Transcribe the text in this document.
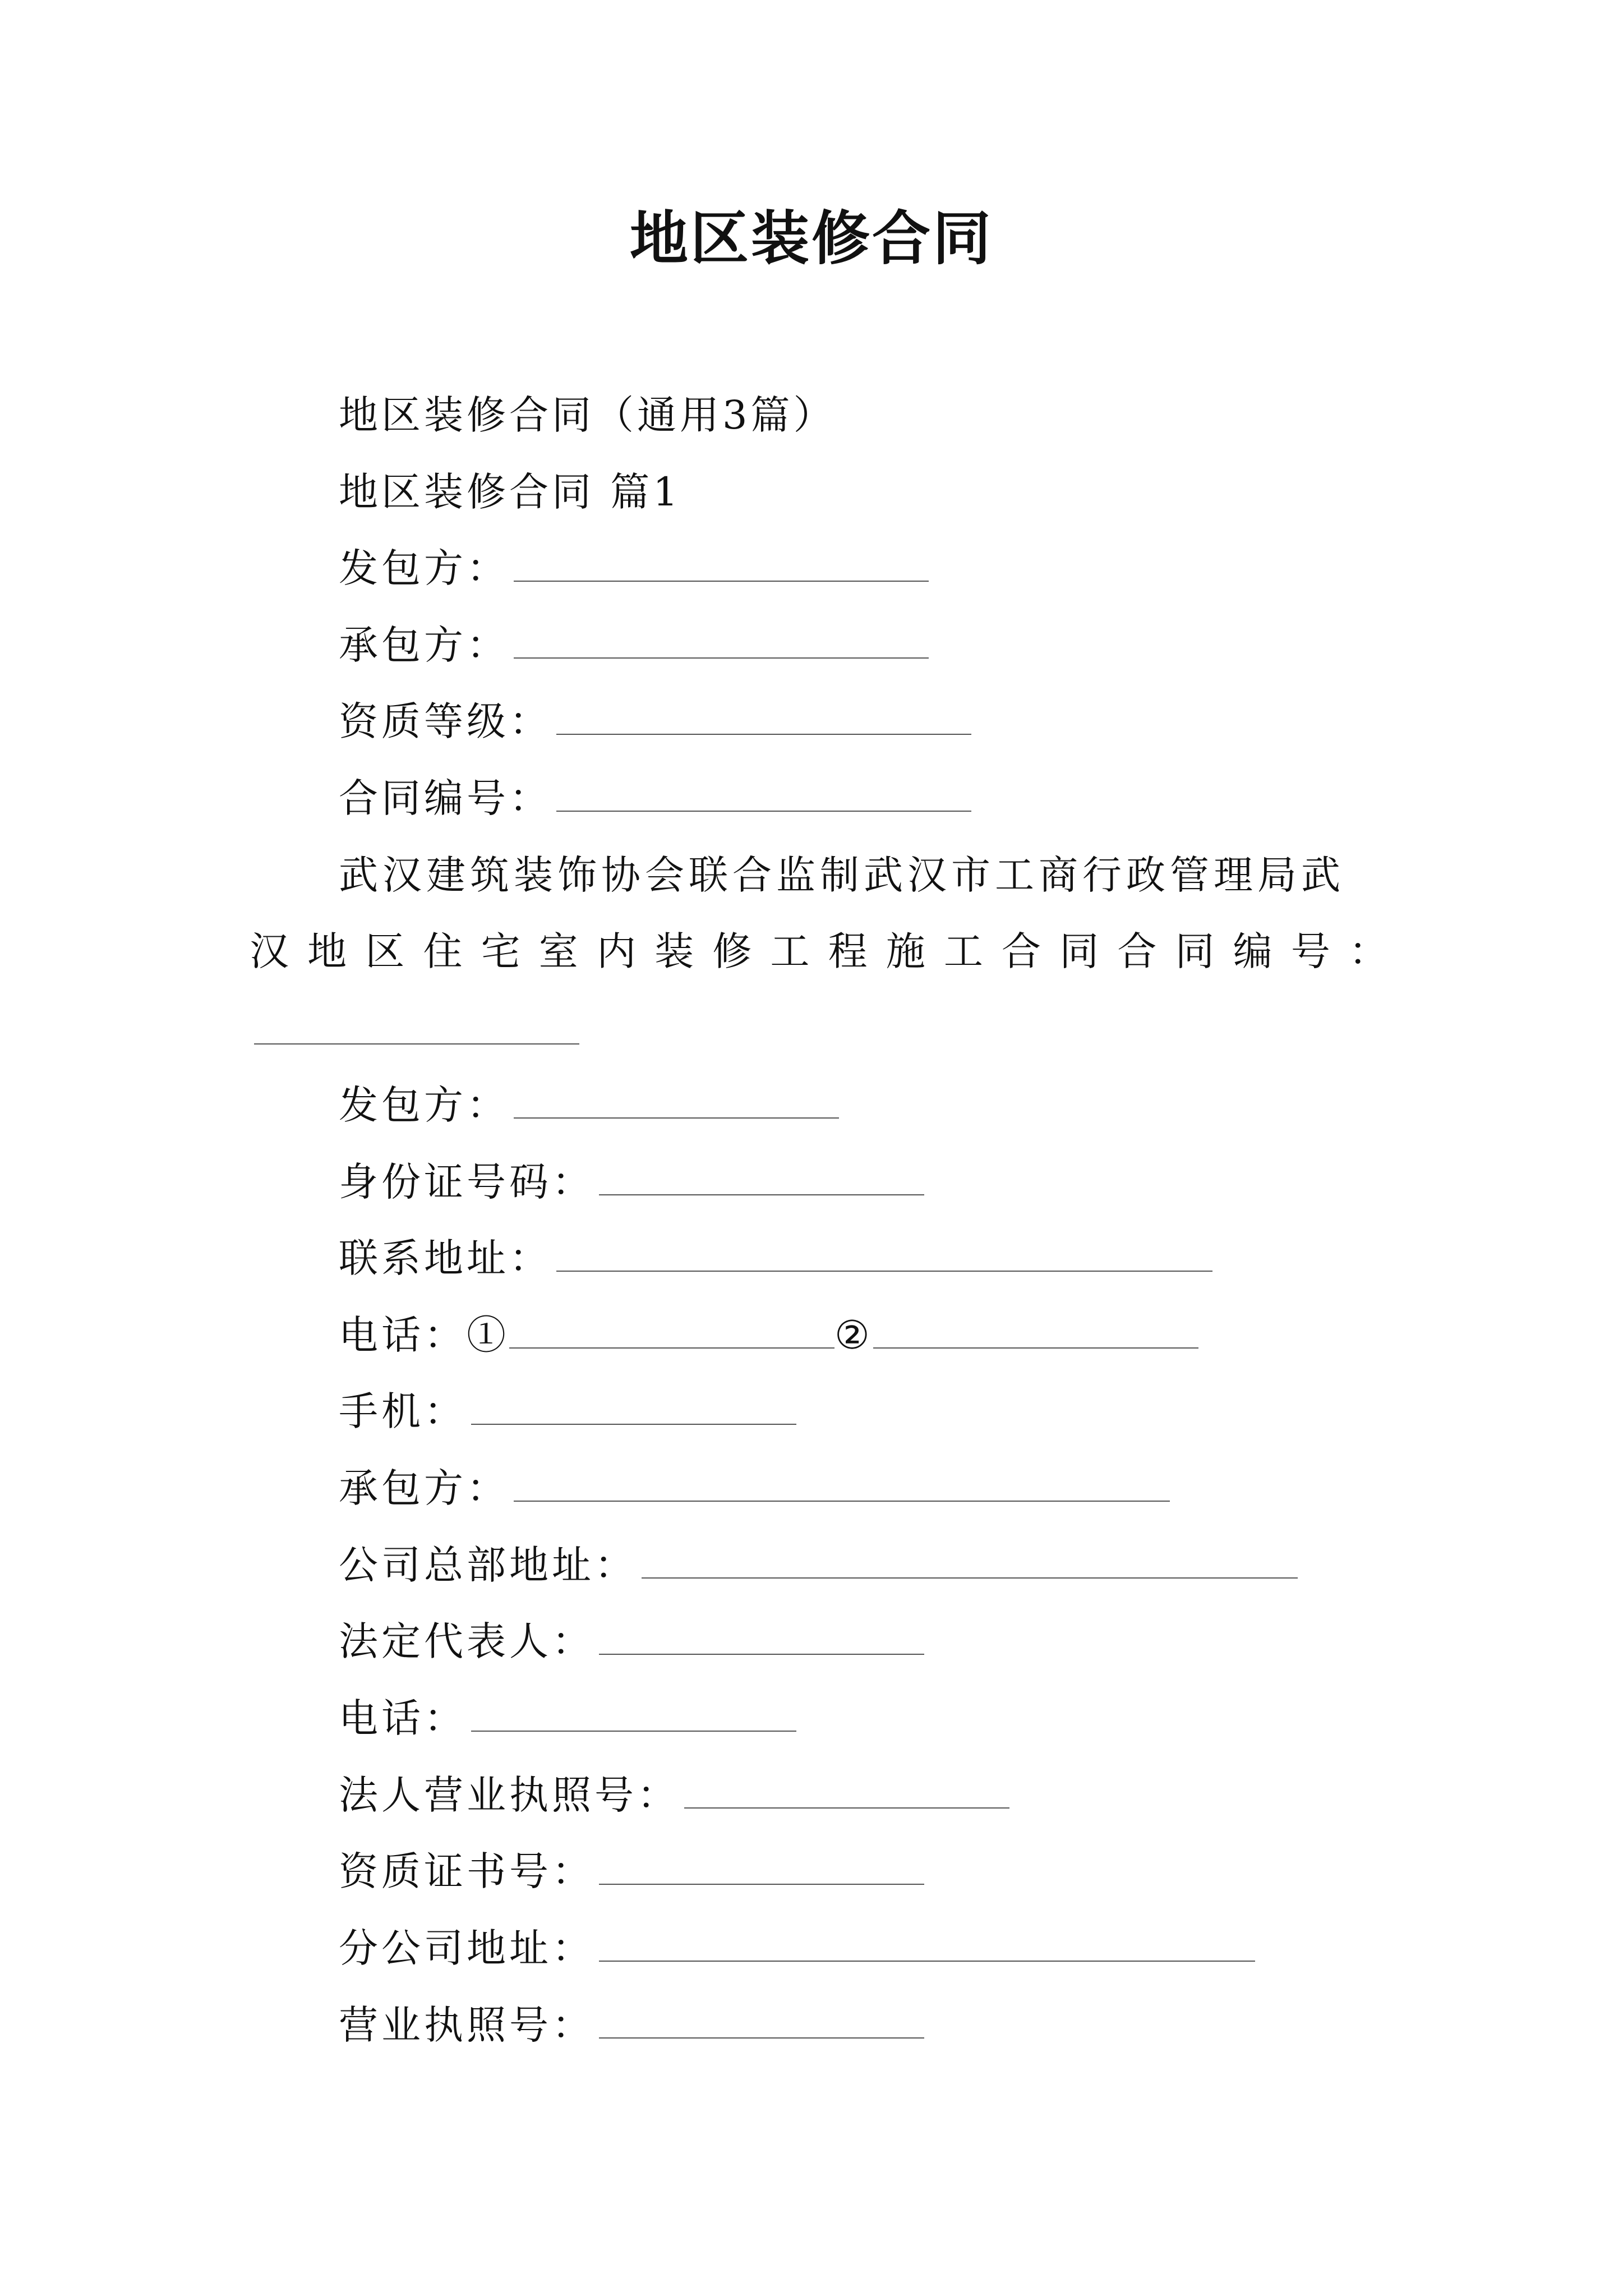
地区装修合同
地区装修合同（通用3篇）
地区装修合同 篇1
发包方：
承包方：
资质等级：
合同编号：
武汉建筑装饰协会联合监制武汉市工商行政管理局武
汉 地 区 住 宅 室 内 装 修 工 程 施 工 合 同 合 同 编 号 ：
发包方：
身份证号码：
联系地址：
电话：①	②
手机：
承包方：
公司总部地址：
法定代表人：
电话：
法人营业执照号：
资质证书号：
分公司地址：
营业执照号：
